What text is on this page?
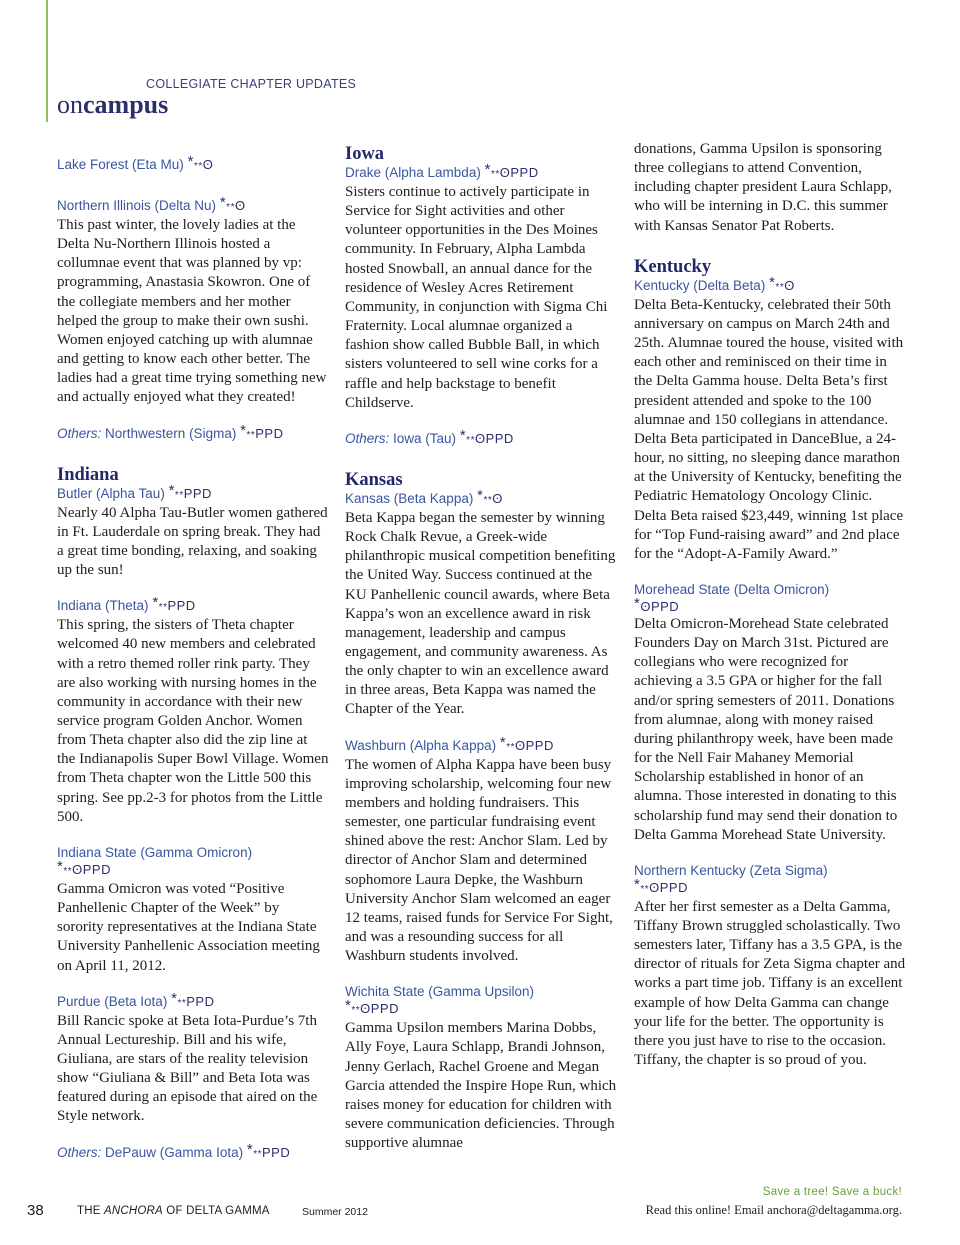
COLLEGIATE CHAPTER UPDATES
oncampus
Lake Forest (Eta Mu) ***ʘ
Northern Illinois (Delta Nu) ***ʘ
This past winter, the lovely ladies at the Delta Nu-Northern Illinois hosted a collumnae event that was planned by vp: programming, Anastasia Skowron. One of the collegiate members and her mother helped the group to make their own sushi. Women enjoyed catching up with alumnae and getting to know each other better. The ladies had a great time trying something new and actually enjoyed what they created!
Others: Northwestern (Sigma) ***PPD
Indiana
Butler (Alpha Tau) ***PPD
Nearly 40 Alpha Tau-Butler women gathered in Ft. Lauderdale on spring break. They had a great time bonding, relaxing, and soaking up the sun!
Indiana (Theta) ***PPD
This spring, the sisters of Theta chapter welcomed 40 new members and celebrated with a retro themed roller rink party. They are also working with nursing homes in the community in accordance with their new service program Golden Anchor. Women from Theta chapter also did the zip line at the Indianapolis Super Bowl Village. Women from Theta chapter won the Little 500 this spring. See pp.2-3 for photos from the Little 500.
Indiana State (Gamma Omicron)
***ʘPPD
Gamma Omicron was voted “Positive Panhellenic Chapter of the Week” by sorority representatives at the Indiana State University Panhellenic Association meeting on April 11, 2012.
Purdue (Beta Iota) ***PPD
Bill Rancic spoke at Beta Iota-Purdue’s 7th Annual Lectureship. Bill and his wife, Giuliana, are stars of the reality television show “Giuliana & Bill” and Beta Iota was featured during an episode that aired on the Style network.
Others: DePauw (Gamma Iota) ***PPD
Iowa
Drake (Alpha Lambda) ***ʘPPD
Sisters continue to actively participate in Service for Sight activities and other volunteer opportunities in the Des Moines community. In February, Alpha Lambda hosted Snowball, an annual dance for the residence of Wesley Acres Retirement Community, in conjunction with Sigma Chi Fraternity. Local alumnae organized a fashion show called Bubble Ball, in which sisters volunteered to sell wine corks for a raffle and help backstage to benefit Childserve.
Others: Iowa (Tau) ***ʘPPD
Kansas
Kansas (Beta Kappa) ***ʘ
Beta Kappa began the semester by winning Rock Chalk Revue, a Greek-wide philanthropic musical competition benefiting the United Way. Success continued at the KU Panhellenic council awards, where Beta Kappa’s won an excellence award in risk management, leadership and campus engagement, and community awareness. As the only chapter to win an excellence award in three areas, Beta Kappa was named the Chapter of the Year.
Washburn (Alpha Kappa) ***ʘPPD
The women of Alpha Kappa have been busy improving scholarship, welcoming four new members and holding fundraisers. This semester, one particular fundraising event shined above the rest: Anchor Slam. Led by director of Anchor Slam and determined sophomore Laura Depke, the Washburn University Anchor Slam welcomed an eager 12 teams, raised funds for Service For Sight, and was a resounding success for all Washburn students involved.
Wichita State (Gamma Upsilon)
***ʘPPD
Gamma Upsilon members Marina Dobbs, Ally Foye, Laura Schlapp, Brandi Johnson, Jenny Gerlach, Rachel Groene and Megan Garcia attended the Inspire Hope Run, which raises money for education for children with severe communication deficiencies. Through supportive alumnae
donations, Gamma Upsilon is sponsoring three collegians to attend Convention, including chapter president Laura Schlapp, who will be interning in D.C. this summer with Kansas Senator Pat Roberts.
Kentucky
Kentucky (Delta Beta) ***ʘ
Delta Beta-Kentucky, celebrated their 50th anniversary on campus on March 24th and 25th. Alumnae toured the house, visited with each other and reminisced on their time in the Delta Gamma house. Delta Beta’s first president attended and spoke to the 100 alumnae and 150 collegians in attendance. Delta Beta participated in DanceBlue, a 24-hour, no sitting, no sleeping dance marathon at the University of Kentucky, benefiting the Pediatric Hematology Oncology Clinic. Delta Beta raised $23,449, winning 1st place for “Top Fund-raising award” and 2nd place for the “Adopt-A-Family Award.”
Morehead State (Delta Omicron)
*ʘPPD
Delta Omicron-Morehead State celebrated Founders Day on March 31st. Pictured are collegians who were recognized for achieving a 3.5 GPA or higher for the fall and/or spring semesters of 2011. Donations from alumnae, along with money raised during philanthropy week, have been made for the Nell Fair Mahaney Memorial Scholarship established in honor of an alumna. Those interested in donating to this scholarship fund may send their donation to Delta Gamma Morehead State University.
Northern Kentucky (Zeta Sigma)
***ʘPPD
After her first semester as a Delta Gamma, Tiffany Brown struggled scholastically. Two semesters later, Tiffany has a 3.5 GPA, is the director of rituals for Zeta Sigma chapter and works a part time job. Tiffany is an excellent example of how Delta Gamma can change your life for the better. The opportunity is there you just have to rise to the occasion. Tiffany, the chapter is so proud of you.
38	THE ANCHORA OF DELTA GAMMA	Summer 2012
Save a tree! Save a buck!
Read this online! Email anchora@deltagamma.org.
